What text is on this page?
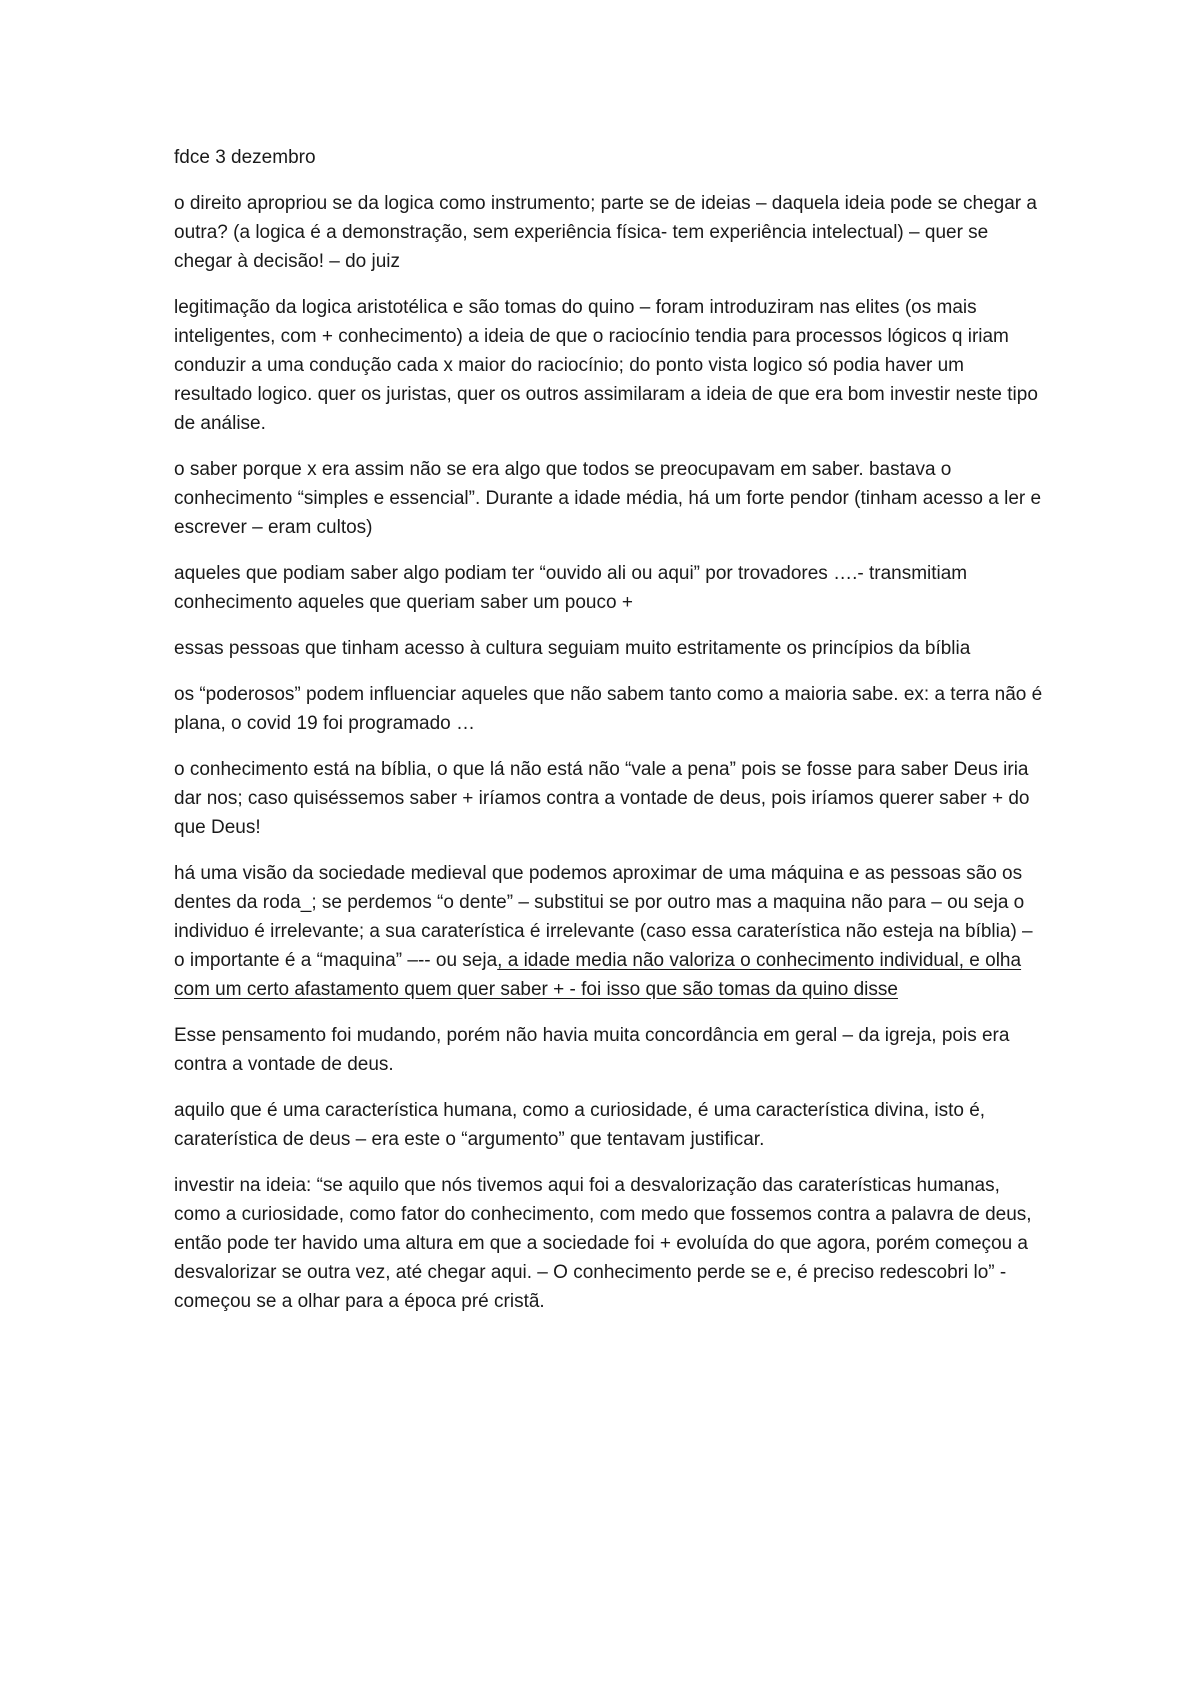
fdce 3 dezembro

o direito apropriou se da logica como instrumento; parte se de ideias – daquela ideia pode se chegar a outra? (a logica é a demonstração, sem experiência física- tem experiência intelectual) – quer se chegar à decisão! – do juiz

legitimação da logica aristotélica e são tomas do quino – foram introduziram nas elites (os mais inteligentes, com + conhecimento) a ideia de que o raciocínio tendia para processos lógicos q iriam conduzir a uma condução cada x maior do raciocínio; do ponto vista logico só podia haver um resultado logico. quer os juristas, quer os outros assimilaram a ideia de que era bom investir neste tipo de análise.

o saber porque x era assim não se era algo que todos se preocupavam em saber. bastava o conhecimento “simples e essencial”. Durante a idade média, há um forte pendor (tinham acesso a ler e escrever – eram cultos)

aqueles que podiam saber algo podiam ter “ouvido ali ou aqui” por trovadores ….- transmitiam conhecimento aqueles que queriam saber um pouco +

essas pessoas que tinham acesso à cultura seguiam muito estritamente os princípios da bíblia

os “poderosos” podem influenciar aqueles que não sabem tanto como a maioria sabe. ex: a terra não é plana, o covid 19 foi programado …

o conhecimento está na bíblia, o que lá não está não “vale a pena” pois se fosse para saber Deus iria dar nos; caso quiséssemos saber + iríamos contra a vontade de deus, pois iríamos querer saber + do que Deus!

há uma visão da sociedade medieval que podemos aproximar de uma máquina e as pessoas são os dentes da roda_; se perdemos “o dente” – substitui se por outro mas a maquina não para – ou seja o individuo é irrelevante; a sua caraterística é irrelevante (caso essa caraterística não esteja na bíblia) – o importante é a “maquina” –-- ou seja, a idade media não valoriza o conhecimento individual, e olha com um certo afastamento quem quer saber + - foi isso que são tomas da quino disse

Esse pensamento foi mudando, porém não havia muita concordância em geral – da igreja, pois era contra a vontade de deus.

aquilo que é uma característica humana, como a curiosidade, é uma característica divina, isto é, caraterística de deus – era este o “argumento” que tentavam justificar.

investir na ideia: “se aquilo que nós tivemos aqui foi a desvalorização das caraterísticas humanas, como a curiosidade, como fator do conhecimento, com medo que fossemos contra a palavra de deus, então pode ter havido uma altura em que a sociedade foi + evoluída do que agora, porém começou a desvalorizar se outra vez, até chegar aqui. – O conhecimento perde se e, é preciso redescobri lo” - começou se a olhar para a época pré cristã.
